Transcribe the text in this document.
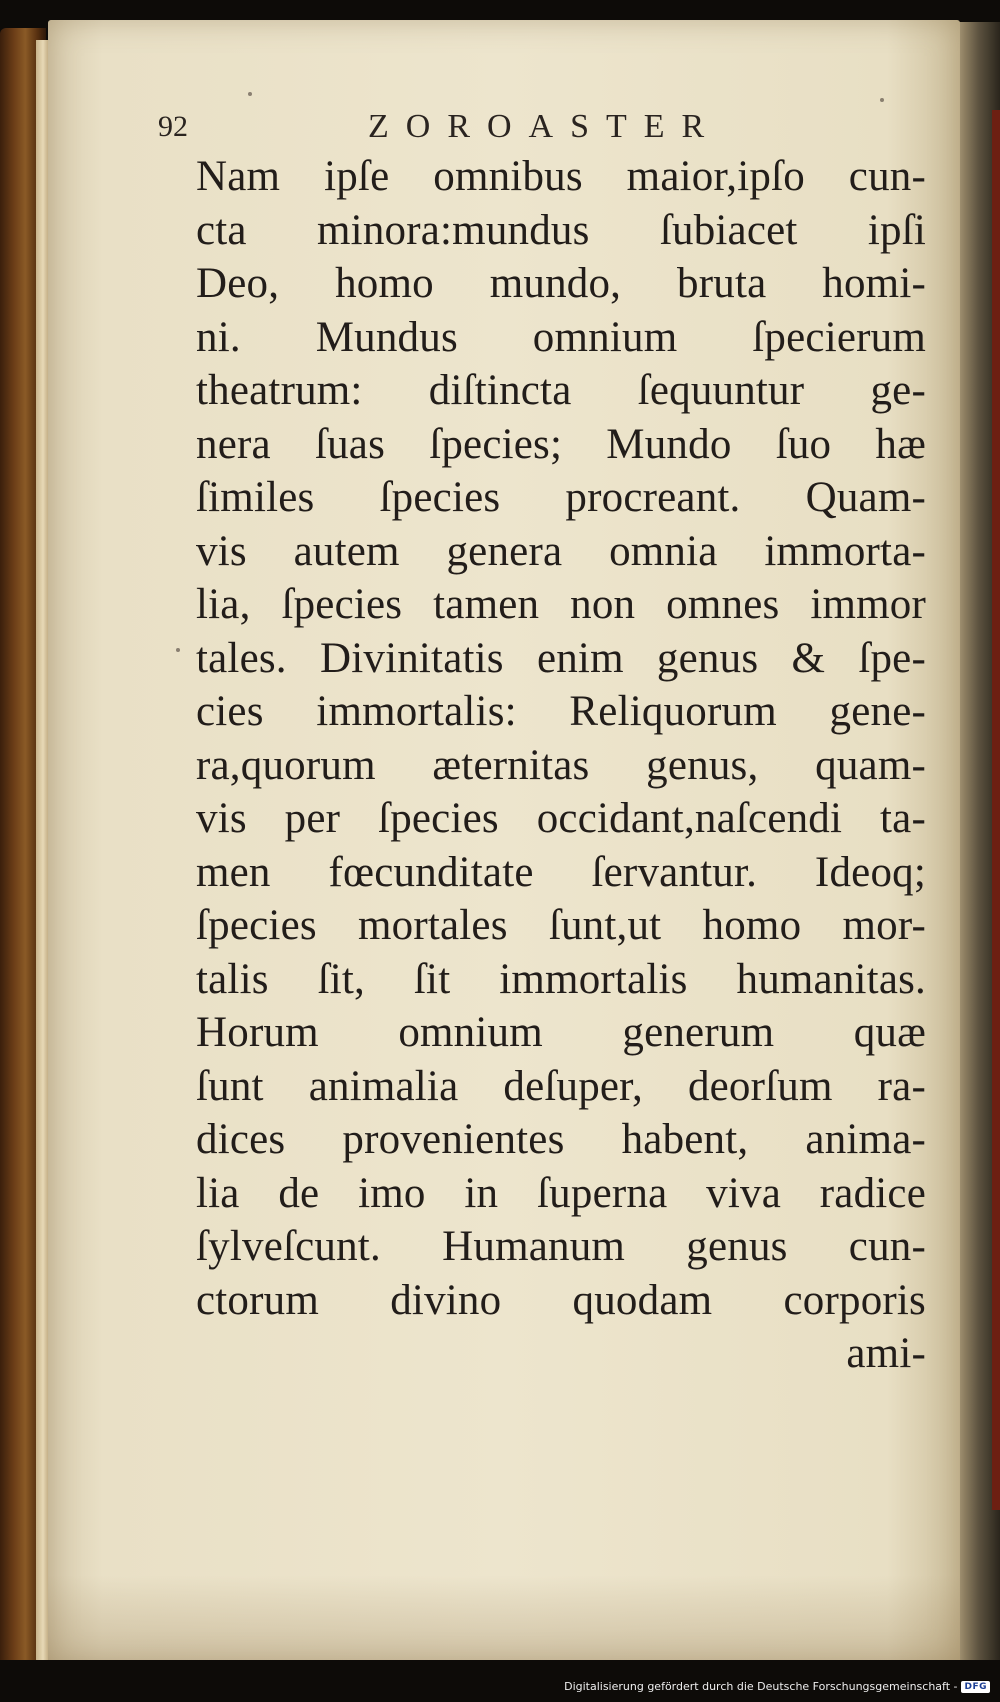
92	ZOROASTER
Nam ipſe omnibus maior,ipſo cun-
cta minora:mundus ſubiacet ipſi
Deo, homo mundo, bruta homi-
ni. Mundus omnium ſpecierum
theatrum: diſtincta ſequuntur ge-
nera ſuas ſpecies; Mundo ſuo hæ
ſimiles ſpecies procreant. Quam-
vis autem genera omnia immorta-
lia, ſpecies tamen non omnes immor
tales. Divinitatis enim genus & ſpe-
cies immortalis: Reliquorum gene-
ra,quorum æternitas genus, quam-
vis per ſpecies occidant,naſcendi ta-
men fœcunditate ſervantur. Ideoq;
ſpecies mortales ſunt,ut homo mor-
talis ſit, ſit immortalis humanitas.
Horum omnium generum quæ
ſunt animalia deſuper, deorſum ra-
dices provenientes habent, anima-
lia de imo in ſuperna viva radice
ſylveſcunt. Humanum genus cun-
ctorum divino quodam corporis
ami-
Digitalisierung gefördert durch die Deutsche Forschungsgemeinschaft - DFG
